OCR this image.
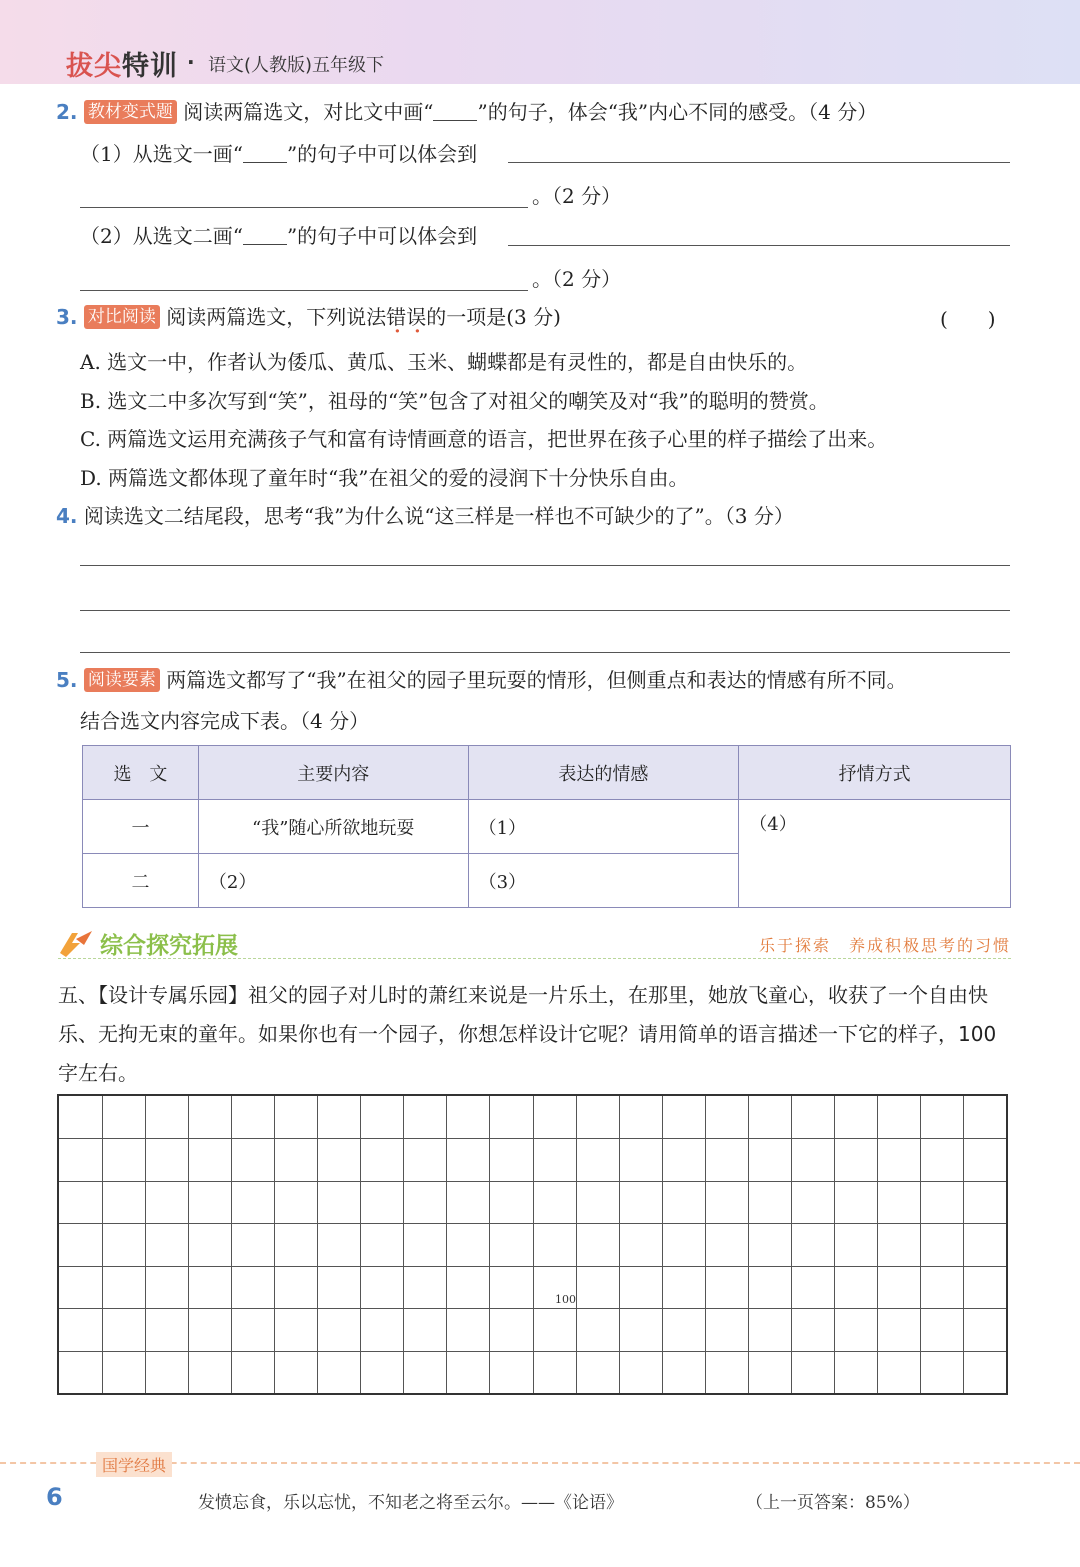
拔尖特训 · 语文(人教版)五年级下
2. 教材变式题 阅读两篇选文，对比文中画“ ”的句子，体会“我”内心不同的感受。（4 分）
（1）从选文一画“ ”的句子中可以体会到
。（2 分）
（2）从选文二画“ ”的句子中可以体会到
。（2 分）
3. 对比阅读 阅读两篇选文，下列说法错误的一项是(3 分)	(　　)
A. 选文一中，作者认为倭瓜、黄瓜、玉米、蝴蝶都是有灵性的，都是自由快乐的。
B. 选文二中多次写到“笑”，祖母的“笑”包含了对祖父的嘲笑及对“我”的聪明的赞赏。
C. 两篇选文运用充满孩子气和富有诗情画意的语言，把世界在孩子心里的样子描绘了出来。
D. 两篇选文都体现了童年时“我”在祖父的爱的浸润下十分快乐自由。
4. 阅读选文二结尾段，思考“我”为什么说“这三样是一样也不可缺少的了”。（3 分）
5. 阅读要素 两篇选文都写了“我”在祖父的园子里玩耍的情形，但侧重点和表达的情感有所不同。
结合选文内容完成下表。（4 分）
选　文	主要内容	表达的情感	抒情方式
一	“我”随心所欲地玩耍	（1）	（4）
二	（2）	（3）	
综合探究拓展	乐于探索　养成积极思考的习惯
五、【设计专属乐园】祖父的园子对儿时的萧红来说是一片乐土，在那里，她放飞童心，收获了一个自由快乐、无拘无束的童年。如果你也有一个园子，你想怎样设计它呢？请用简单的语言描述一下它的样子，100 字左右。
100
国学经典
6	发愤忘食，乐以忘忧，不知老之将至云尔。——《论语》	（上一页答案：85%）
